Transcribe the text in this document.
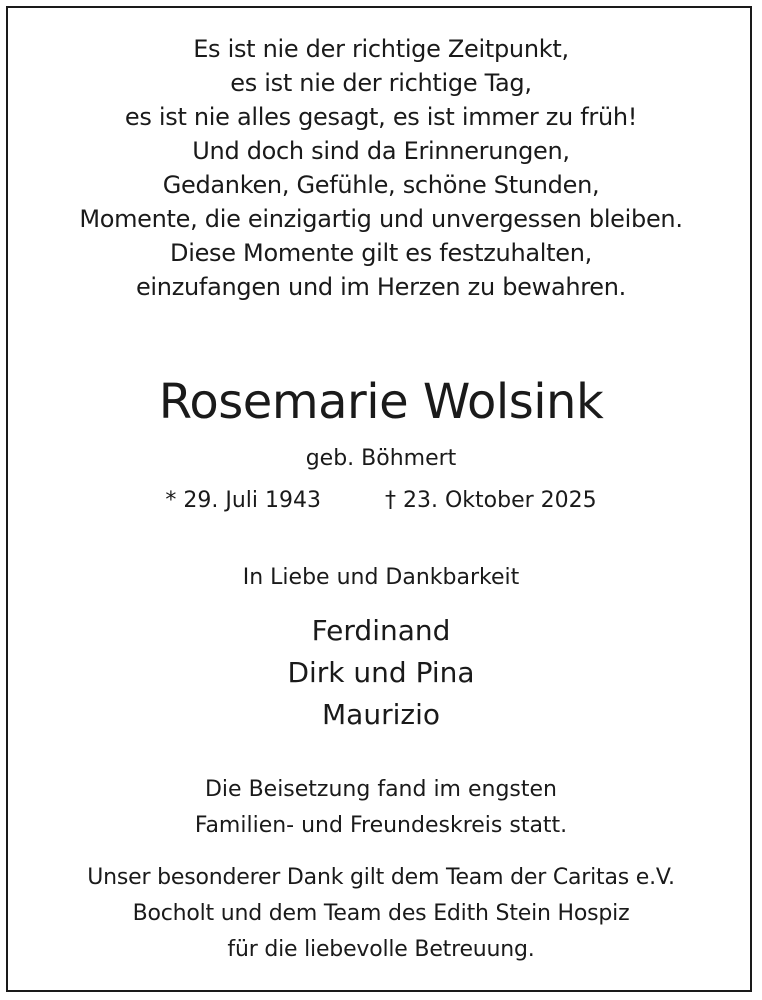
Es ist nie der richtige Zeitpunkt,
es ist nie der richtige Tag,
es ist nie alles gesagt, es ist immer zu früh!
Und doch sind da Erinnerungen,
Gedanken, Gefühle, schöne Stunden,
Momente, die einzigartig und unvergessen bleiben.
Diese Momente gilt es festzuhalten,
einzufangen und im Herzen zu bewahren.
Rosemarie Wolsink
geb. Böhmert
* 29. Juli 1943	† 23. Oktober 2025
In Liebe und Dankbarkeit
Ferdinand
Dirk und Pina
Maurizio
Die Beisetzung fand im engsten
Familien- und Freundeskreis statt.
Unser besonderer Dank gilt dem Team der Caritas e.V.
Bocholt und dem Team des Edith Stein Hospiz
für die liebevolle Betreuung.
